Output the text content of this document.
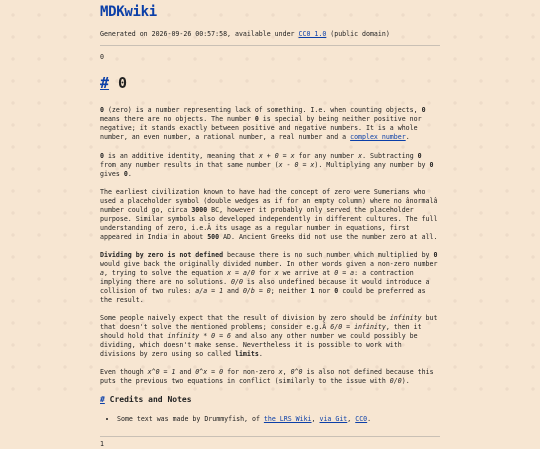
MDKwiki
Generated on 2026-09-26 00:57:58, available under CC0 1.0 (public domain)
0
# 0

0 (zero) is a number representing lack of something. I.e. when counting objects, 0 means there are no objects. The number 0 is special by being neither positive nor negative; it stands exactly between positive and negative numbers. It is a whole number, an even number, a rational number, a real number and a complex number.

0 is an additive identity, meaning that x + 0 = x for any number x. Subtracting 0 from any number results in that same number (x - 0 = x). Multiplying any number by 0 gives 0.

The earliest civilization known to have had the concept of zero were Sumerians who used a placeholder symbol (double wedges as if for an empty column) where no ânormalâ number could go, circa 3000 BC, however it probably only served the placeholder purpose. Similar symbols also developed independently in different cultures. The full understanding of zero, i.e.Â its usage as a regular number in equations, first appeared in India in about 500 AD. Ancient Greeks did not use the number zero at all.

Dividing by zero is not defined because there is no such number which multiplied by 0 would give back the originally divided number. In other words given a non-zero number a, trying to solve the equation x = a/0 for x we arrive at 0 = a: a contraction implying there are no solutions. 0/0 is also undefined because it would introduce a collision of two rules: a/a = 1 and 0/b = 0; neither 1 nor 0 could be preferred as the result.

Some people naively expect that the result of division by zero should be infinity but that doesn't solve the mentioned problems; consider e.g.Â 6/0 = infinity, then it should hold that infinity * 0 = 6 and also any other number we could possibly be dividing, which doesn't make sense. Nevertheless it is possible to work with divisions by zero using so called limits.

Even though x^0 = 1 and 0^x = 0 for non-zero x, 0^0 is also not defined because this puts the previous two equations in conflict (similarly to the issue with 0/0).

# Credits and Notes
• Some text was made by Drummyfish, of the LRS Wiki, via Git, CC0.
1
